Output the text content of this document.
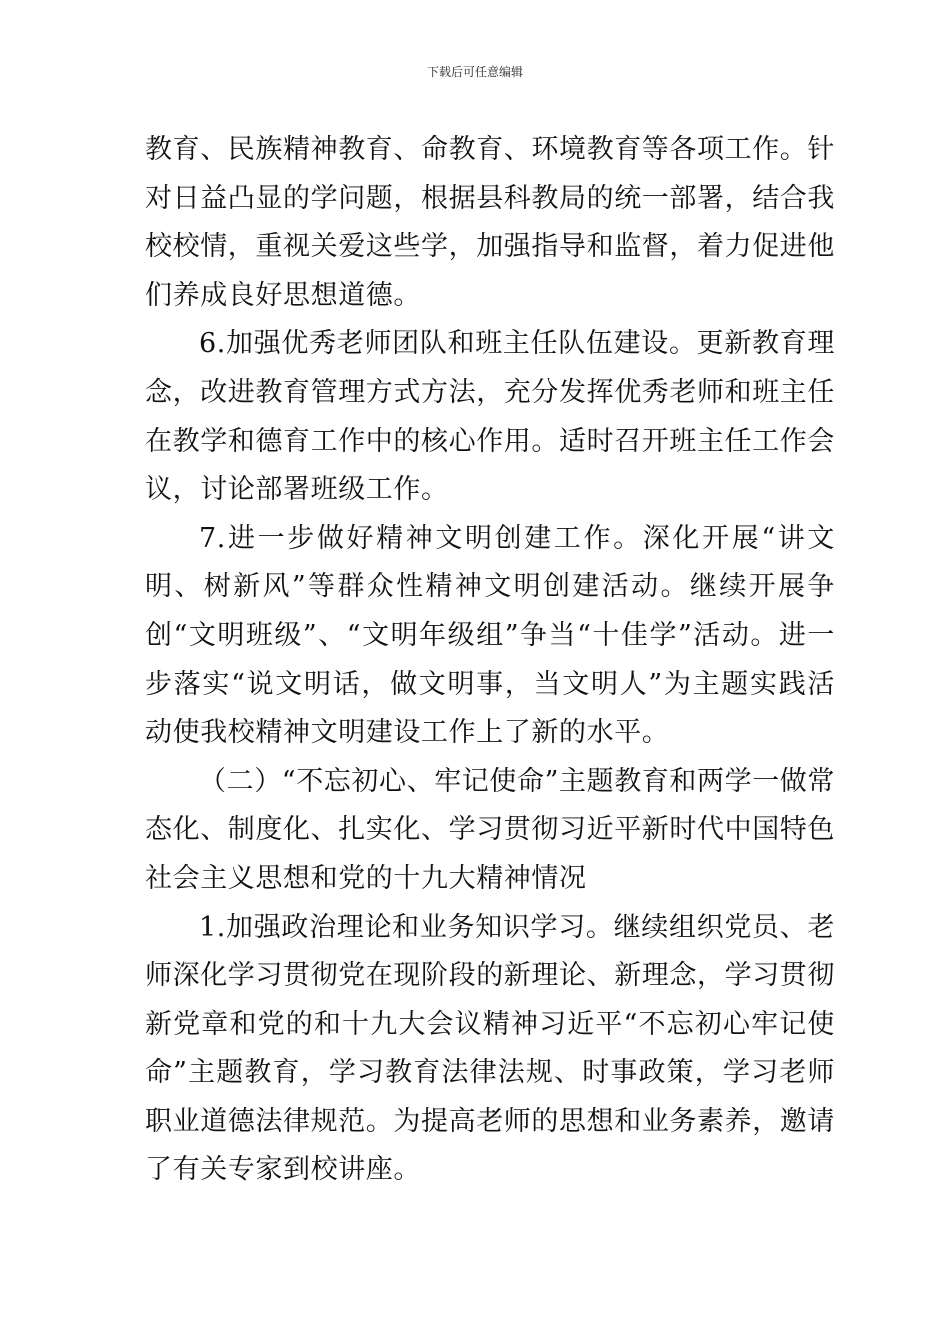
下载后可任意编辑

教育、民族精神教育、命教育、环境教育等各项工作。针对日益凸显的学问题，根据县科教局的统一部署，结合我校校情，重视关爱这些学，加强指导和监督，着力促进他们养成良好思想道德。

6.加强优秀老师团队和班主任队伍建设。更新教育理念，改进教育管理方式方法，充分发挥优秀老师和班主任在教学和德育工作中的核心作用。适时召开班主任工作会议，讨论部署班级工作。

7.进一步做好精神文明创建工作。深化开展“讲文明、树新风”等群众性精神文明创建活动。继续开展争创“文明班级”、“文明年级组”争当“十佳学”活动。进一步落实“说文明话，做文明事，当文明人”为主题实践活动使我校精神文明建设工作上了新的水平。

（二）“不忘初心、牢记使命”主题教育和两学一做常态化、制度化、扎实化、学习贯彻习近平新时代中国特色社会主义思想和党的十九大精神情况

1.加强政治理论和业务知识学习。继续组织党员、老师深化学习贯彻党在现阶段的新理论、新理念，学习贯彻新党章和党的和十九大会议精神习近平“不忘初心牢记使命”主题教育，学习教育法律法规、时事政策，学习老师职业道德法律规范。为提高老师的思想和业务素养，邀请了有关专家到校讲座。
